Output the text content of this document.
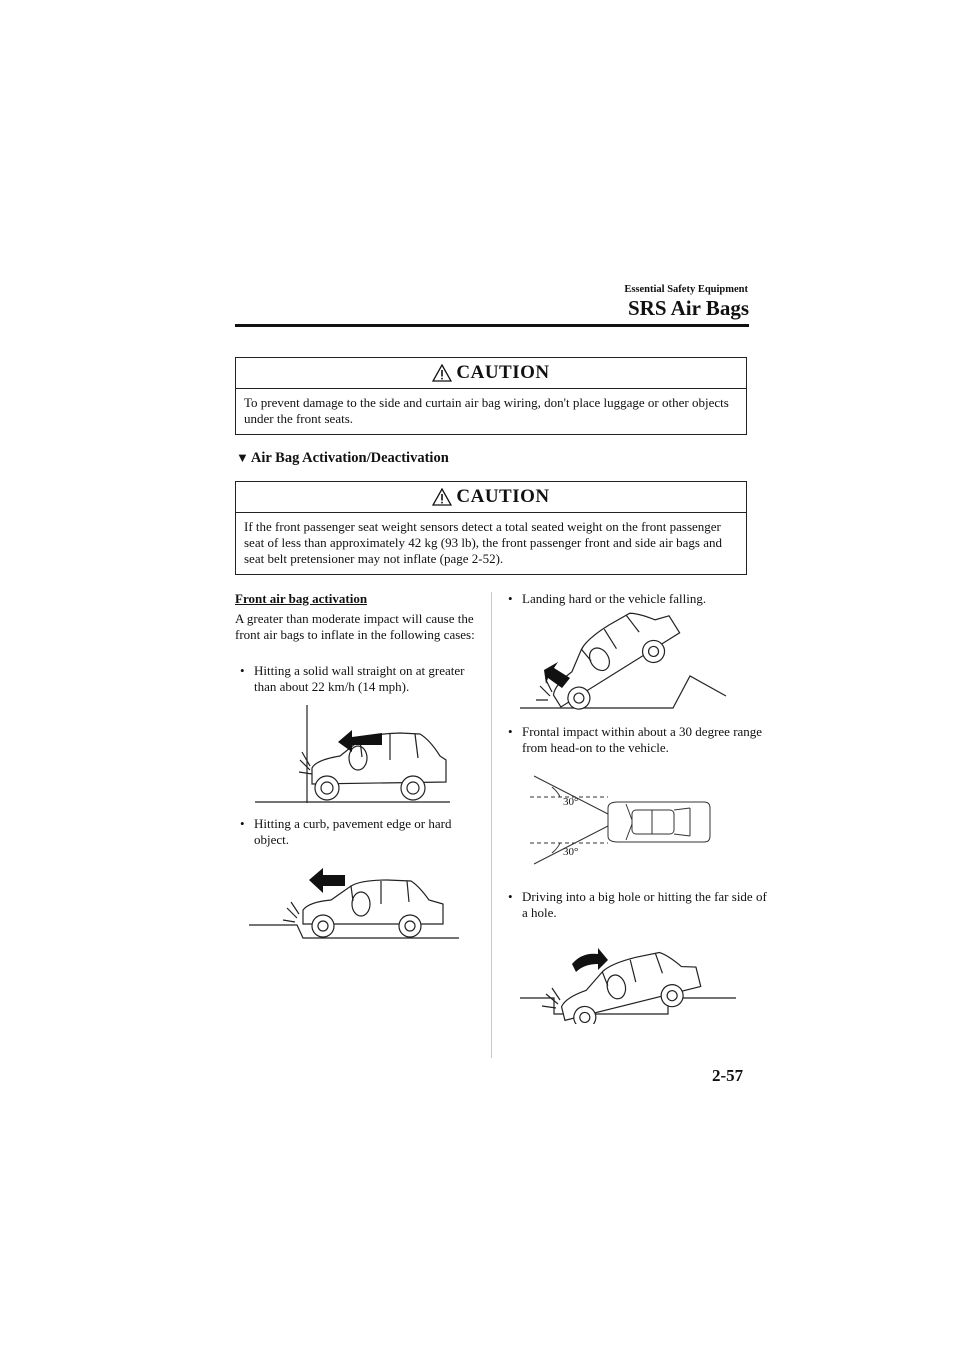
Essential Safety Equipment
SRS Air Bags
CAUTION
To prevent damage to the side and curtain air bag wiring, don't place luggage or other objects under the front seats.
▼ Air Bag Activation/Deactivation
CAUTION
If the front passenger seat weight sensors detect a total seated weight on the front passenger seat of less than approximately 42 kg (93 lb), the front passenger front and side air bags and seat belt pretensioner may not inflate (page 2-52).
Front air bag activation
A greater than moderate impact will cause the front air bags to inflate in the following cases:
• Hitting a solid wall straight on at greater than about 22 km/h (14 mph).
• Hitting a curb, pavement edge or hard object.
• Landing hard or the vehicle falling.
• Frontal impact within about a 30 degree range from head-on to the vehicle.
30°
30°
• Driving into a big hole or hitting the far side of a hole.
2-57
